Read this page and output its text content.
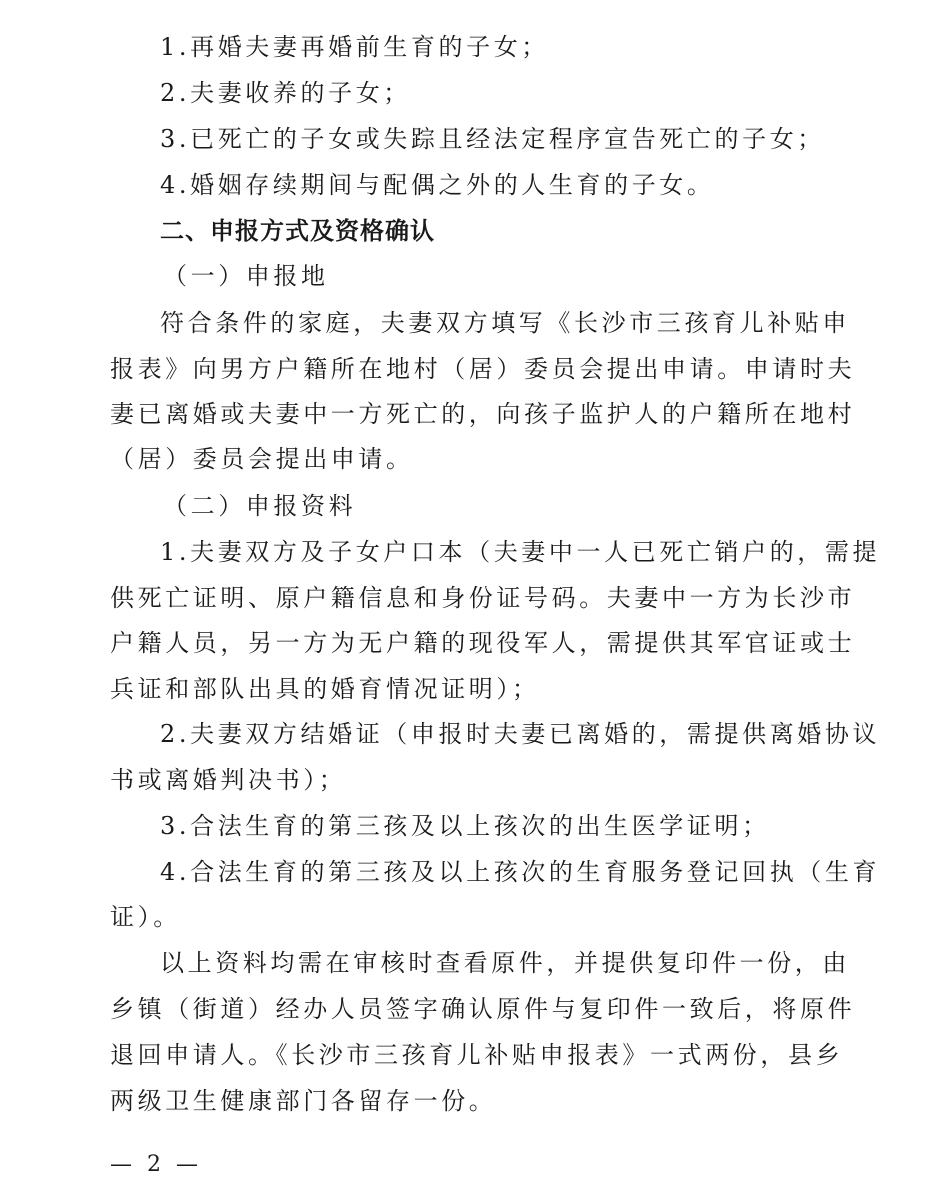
1.再婚夫妻再婚前生育的子女；
2.夫妻收养的子女；
3.已死亡的子女或失踪且经法定程序宣告死亡的子女；
4.婚姻存续期间与配偶之外的人生育的子女。
二、申报方式及资格确认
（一）申报地
符合条件的家庭，夫妻双方填写《长沙市三孩育儿补贴申
报表》向男方户籍所在地村（居）委员会提出申请。申请时夫
妻已离婚或夫妻中一方死亡的，向孩子监护人的户籍所在地村
（居）委员会提出申请。
（二）申报资料
1.夫妻双方及子女户口本（夫妻中一人已死亡销户的，需提
供死亡证明、原户籍信息和身份证号码。夫妻中一方为长沙市
户籍人员，另一方为无户籍的现役军人，需提供其军官证或士
兵证和部队出具的婚育情况证明）；
2.夫妻双方结婚证（申报时夫妻已离婚的，需提供离婚协议
书或离婚判决书）；
3.合法生育的第三孩及以上孩次的出生医学证明；
4.合法生育的第三孩及以上孩次的生育服务登记回执（生育
证）。
以上资料均需在审核时查看原件，并提供复印件一份，由
乡镇（街道）经办人员签字确认原件与复印件一致后，将原件
退回申请人。《长沙市三孩育儿补贴申报表》一式两份，县乡
两级卫生健康部门各留存一份。
— 2 —
